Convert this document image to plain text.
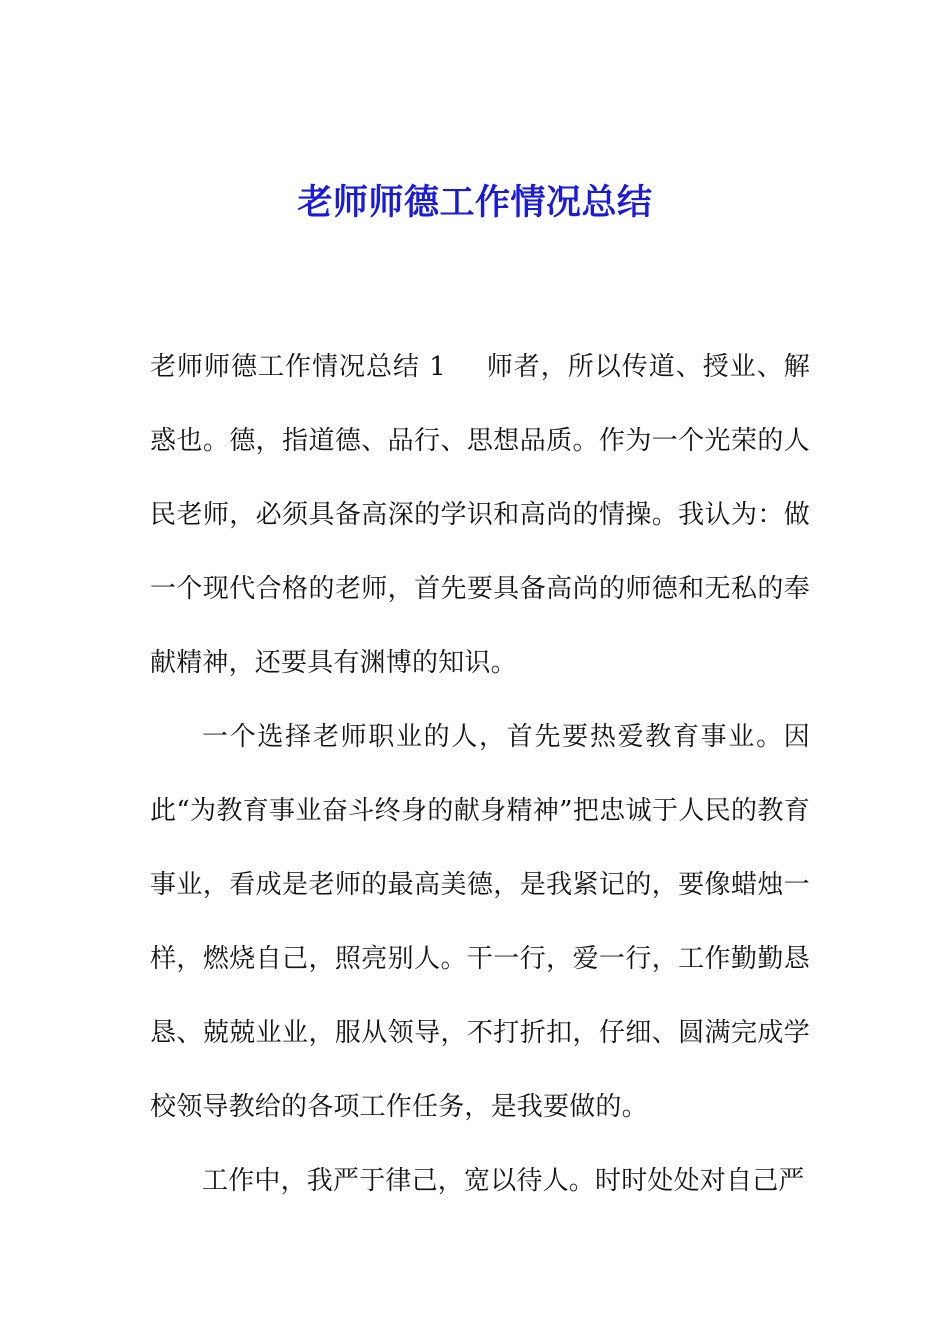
老师师德工作情况总结

老师师德工作情况总结 1 师者，所以传道、授业、解惑也。德，指道德、品行、思想品质。作为一个光荣的人民老师，必须具备高深的学识和高尚的情操。我认为：做一个现代合格的老师，首先要具备高尚的师德和无私的奉献精神，还要具有渊博的知识。

一个选择老师职业的人，首先要热爱教育事业。因此“为教育事业奋斗终身的献身精神”把忠诚于人民的教育事业，看成是老师的最高美德，是我紧记的，要像蜡烛一样，燃烧自己，照亮别人。干一行，爱一行，工作勤勤恳恳、兢兢业业，服从领导，不打折扣，仔细、圆满完成学校领导教给的各项工作任务，是我要做的。

工作中，我严于律己，宽以待人。时时处处对自己严
